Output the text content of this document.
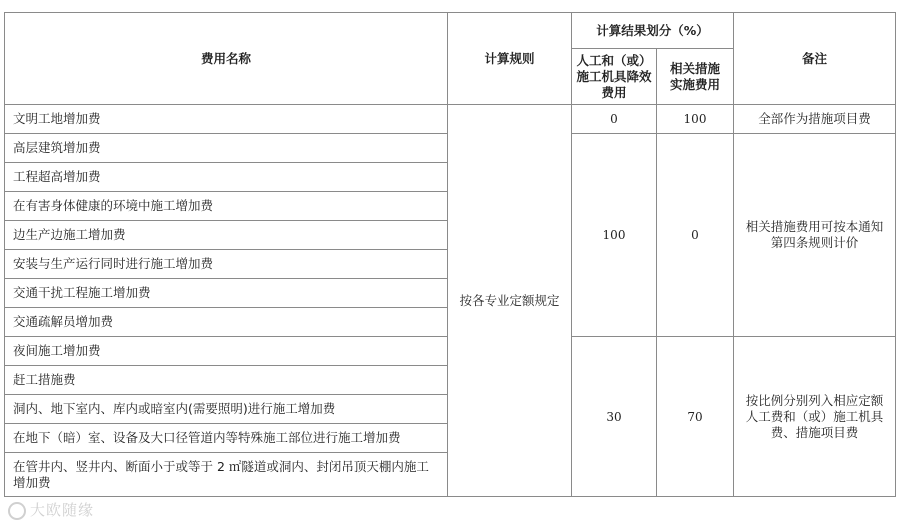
费用名称	计算规则	计算结果划分（%）		备注
		人工和（或）施工机具降效费用	相关措施实施费用	
文明工地增加费	按各专业定额规定	0	100	全部作为措施项目费
高层建筑增加费		100	0	相关措施费用可按本通知第四条规则计价
工程超高增加费				
在有害身体健康的环境中施工增加费				
边生产边施工增加费				
安装与生产运行同时进行施工增加费				
交通干扰工程施工增加费				
交通疏解员增加费				
夜间施工增加费		30	70	按比例分别列入相应定额人工费和（或）施工机具费、措施项目费
赶工措施费				
洞内、地下室内、库内或暗室内(需要照明)进行施工增加费				
在地下（暗）室、设备及大口径管道内等特殊施工部位进行施工增加费				
在管井内、竖井内、断面小于或等于 2 ㎡隧道或洞内、封闭吊顶天棚内施工增加费				
大欧随缘
